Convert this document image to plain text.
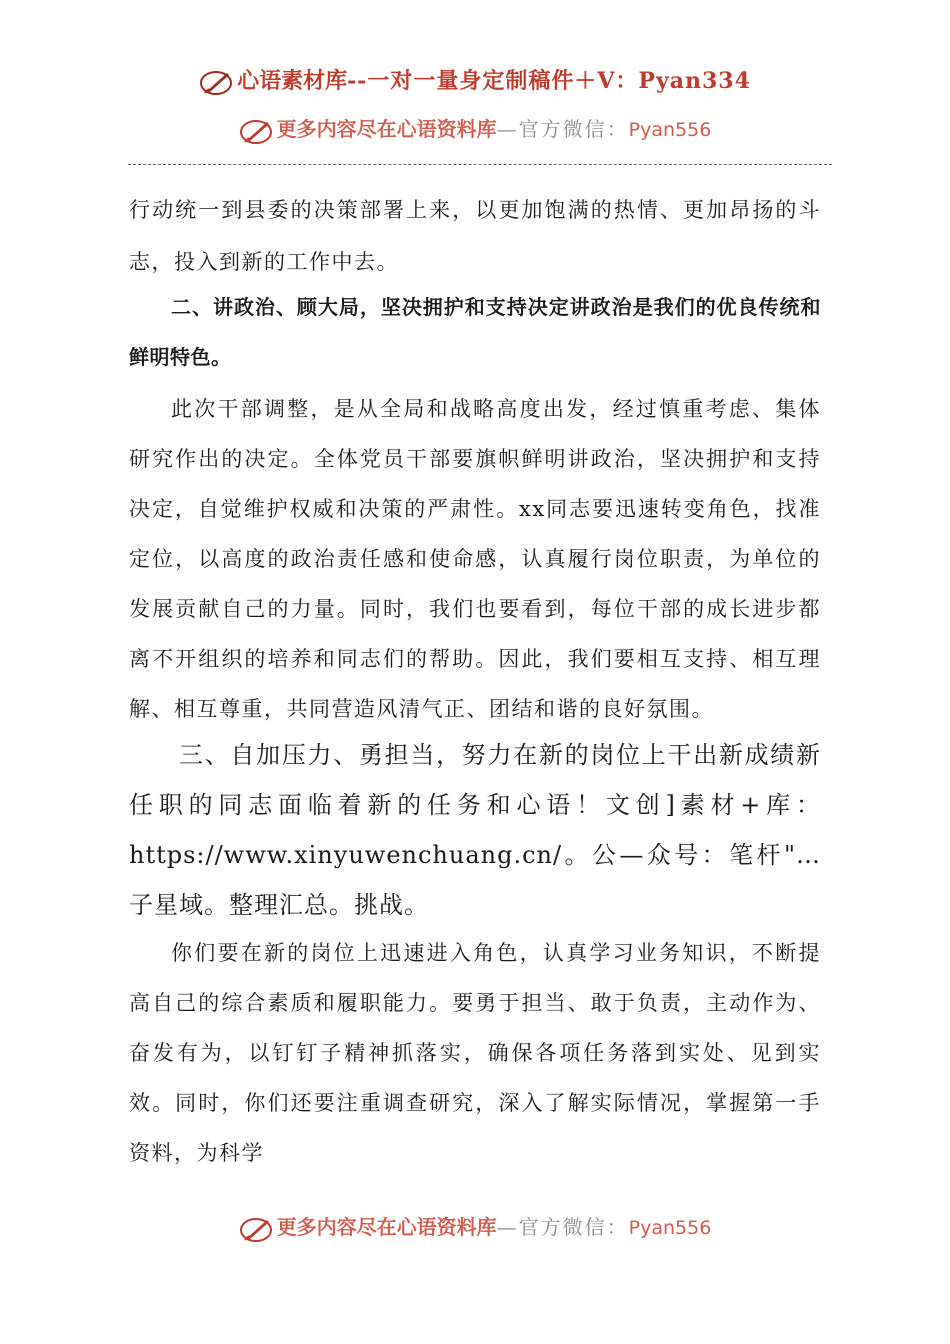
心语素材库--一对一量身定制稿件＋V：Pyan334
更多内容尽在心语资料库—官方微信：Pyan556

行动统一到县委的决策部署上来，以更加饱满的热情、更加昂扬的斗志，投入到新的工作中去。

二、讲政治、顾大局，坚决拥护和支持决定讲政治是我们的优良传统和鲜明特色。

此次干部调整，是从全局和战略高度出发，经过慎重考虑、集体研究作出的决定。全体党员干部要旗帜鲜明讲政治，坚决拥护和支持决定，自觉维护权威和决策的严肃性。xx同志要迅速转变角色，找准定位，以高度的政治责任感和使命感，认真履行岗位职责，为单位的发展贡献自己的力量。同时，我们也要看到，每位干部的成长进步都离不开组织的培养和同志们的帮助。因此，我们要相互支持、相互理解、相互尊重，共同营造风清气正、团结和谐的良好氛围。

三、自加压力、勇担当，努力在新的岗位上干出新成绩新任职的同志面临着新的任务和心语！文创]素材+库：https://www.xinyuwenchuang.cn/。公—众号：笔杆"…子星域。整理汇总。挑战。

你们要在新的岗位上迅速进入角色，认真学习业务知识，不断提高自己的综合素质和履职能力。要勇于担当、敢于负责，主动作为、奋发有为，以钉钉子精神抓落实，确保各项任务落到实处、见到实效。同时，你们还要注重调查研究，深入了解实际情况，掌握第一手资料，为科学

更多内容尽在心语资料库—官方微信：Pyan556
